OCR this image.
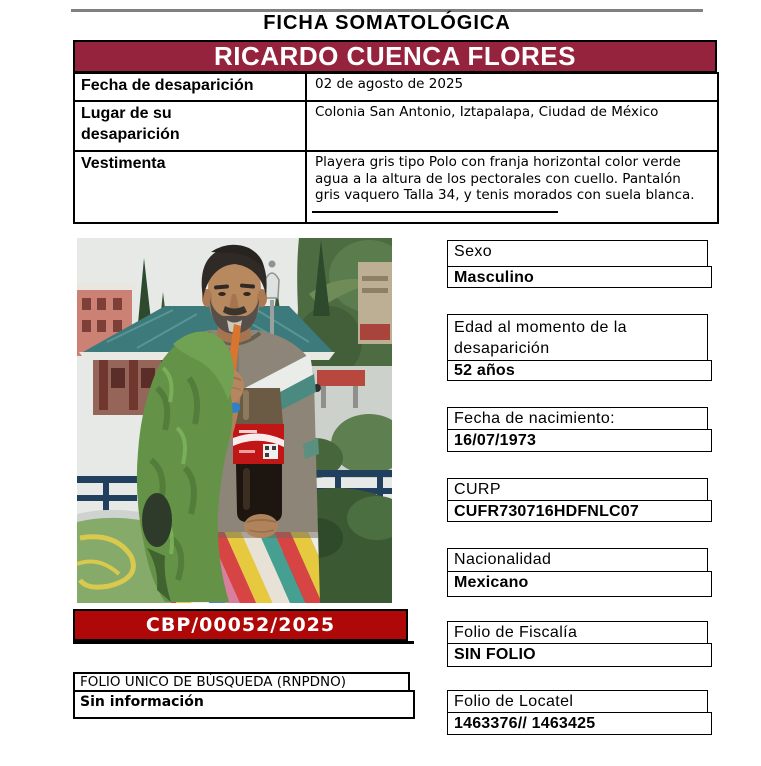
FICHA SOMATOLÓGICA
RICARDO CUENCA FLORES
Fecha de desaparición	02 de agosto de 2025
Lugar de su desaparición	Colonia San Antonio, Iztapalapa, Ciudad de México
Vestimenta	Playera gris tipo Polo con franja horizontal color verde agua a la altura de los pectorales con cuello. Pantalón gris vaquero Talla 34, y tenis morados con suela blanca.
CBP/00052/2025
FOLIO UNICO DE BÚSQUEDA (RNPDNO)
Sin información
Sexo
Masculino
Edad al momento de la desaparición
52 años
Fecha de nacimiento:
16/07/1973
CURP
CUFR730716HDFNLC07
Nacionalidad
Mexicano
Folio de Fiscalía
SIN FOLIO
Folio de Locatel
1463376// 1463425
